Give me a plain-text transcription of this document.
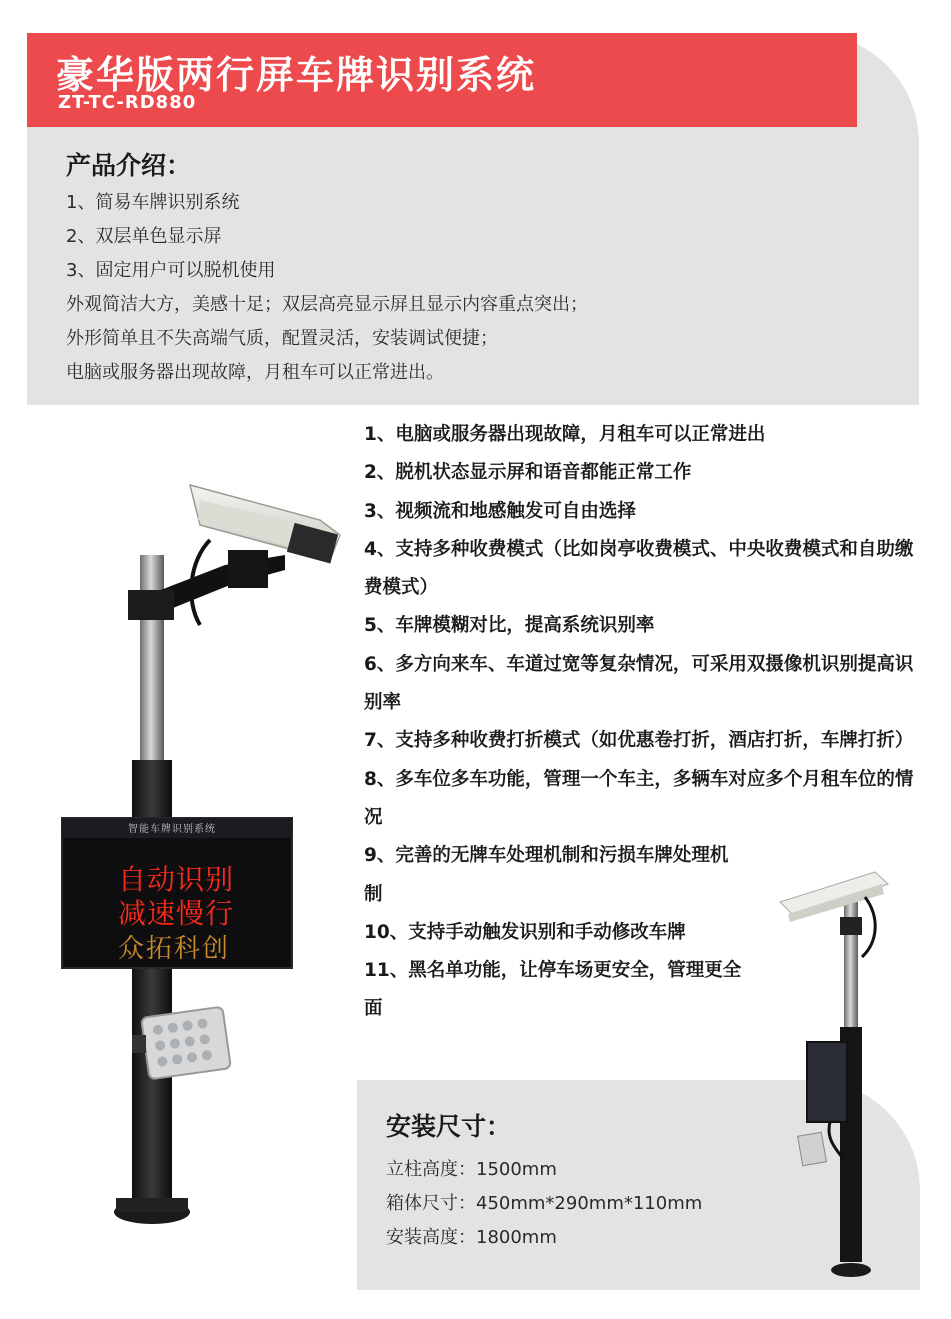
豪华版两行屏车牌识别系统
ZT-TC-RD880
产品介绍：
1、简易车牌识别系统
2、双层单色显示屏
3、固定用户可以脱机使用
外观简洁大方，美感十足；双层高亮显示屏且显示内容重点突出；
外形简单且不失高端气质，配置灵活，安装调试便捷；
电脑或服务器出现故障，月租车可以正常进出。
智能车牌识别系统
自动识别
减速慢行
众拓科创
1、电脑或服务器出现故障，月租车可以正常进出
2、脱机状态显示屏和语音都能正常工作
3、视频流和地感触发可自由选择
4、支持多种收费模式（比如岗亭收费模式、中央收费模式和自助缴费模式）
5、车牌模糊对比，提高系统识别率
6、多方向来车、车道过宽等复杂情况，可采用双摄像机识别提高识别率
7、支持多种收费打折模式（如优惠卷打折，酒店打折，车牌打折）
8、多车位多车功能，管理一个车主，多辆车对应多个月租车位的情况
9、完善的无牌车处理机制和污损车牌处理机制
10、支持手动触发识别和手动修改车牌
11、黑名单功能，让停车场更安全，管理更全面
安装尺寸：
立柱高度：1500mm
箱体尺寸：450mm*290mm*110mm
安装高度：1800mm
